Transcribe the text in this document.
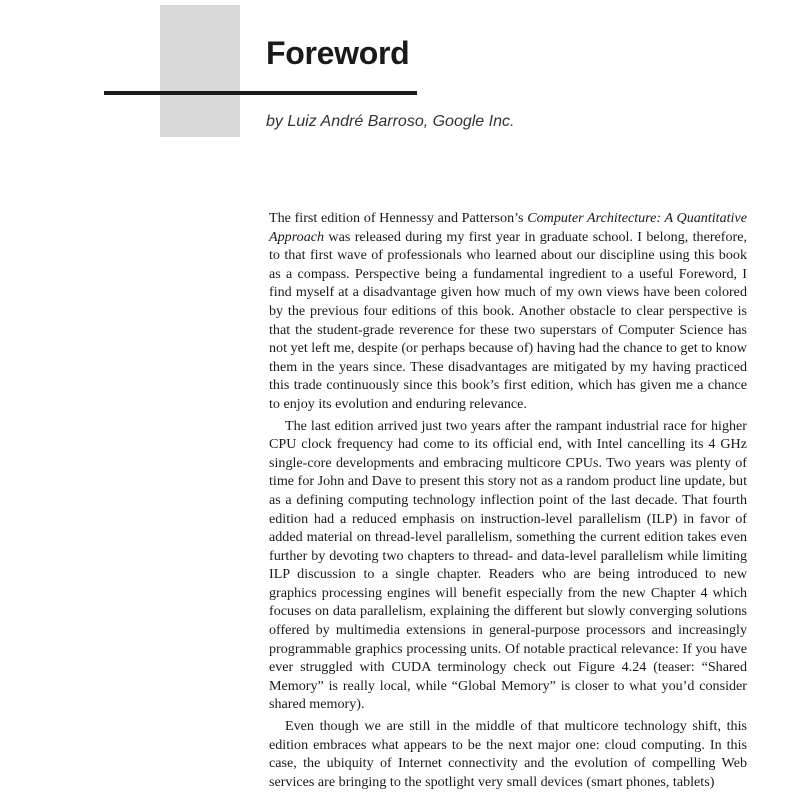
Foreword

by Luiz André Barroso, Google Inc.

The first edition of Hennessy and Patterson’s Computer Architecture: A Quantitative Approach was released during my first year in graduate school. I belong, therefore, to that first wave of professionals who learned about our discipline using this book as a compass. Perspective being a fundamental ingredient to a useful Foreword, I find myself at a disadvantage given how much of my own views have been colored by the previous four editions of this book. Another obstacle to clear perspective is that the student-grade reverence for these two superstars of Computer Science has not yet left me, despite (or perhaps because of) having had the chance to get to know them in the years since. These disadvantages are mitigated by my having practiced this trade continuously since this book’s first edition, which has given me a chance to enjoy its evolution and enduring relevance.

The last edition arrived just two years after the rampant industrial race for higher CPU clock frequency had come to its official end, with Intel cancelling its 4 GHz single-core developments and embracing multicore CPUs. Two years was plenty of time for John and Dave to present this story not as a random product line update, but as a defining computing technology inflection point of the last decade. That fourth edition had a reduced emphasis on instruction-level parallelism (ILP) in favor of added material on thread-level parallelism, something the current edition takes even further by devoting two chapters to thread- and data-level parallelism while limiting ILP discussion to a single chapter. Readers who are being introduced to new graphics processing engines will benefit especially from the new Chapter 4 which focuses on data parallelism, explaining the different but slowly converging solutions offered by multimedia extensions in general-purpose processors and increasingly programmable graphics processing units. Of notable practical relevance: If you have ever struggled with CUDA terminology check out Figure 4.24 (teaser: “Shared Memory” is really local, while “Global Memory” is closer to what you’d consider shared memory).

Even though we are still in the middle of that multicore technology shift, this edition embraces what appears to be the next major one: cloud computing. In this case, the ubiquity of Internet connectivity and the evolution of compelling Web services are bringing to the spotlight very small devices (smart phones, tablets)
